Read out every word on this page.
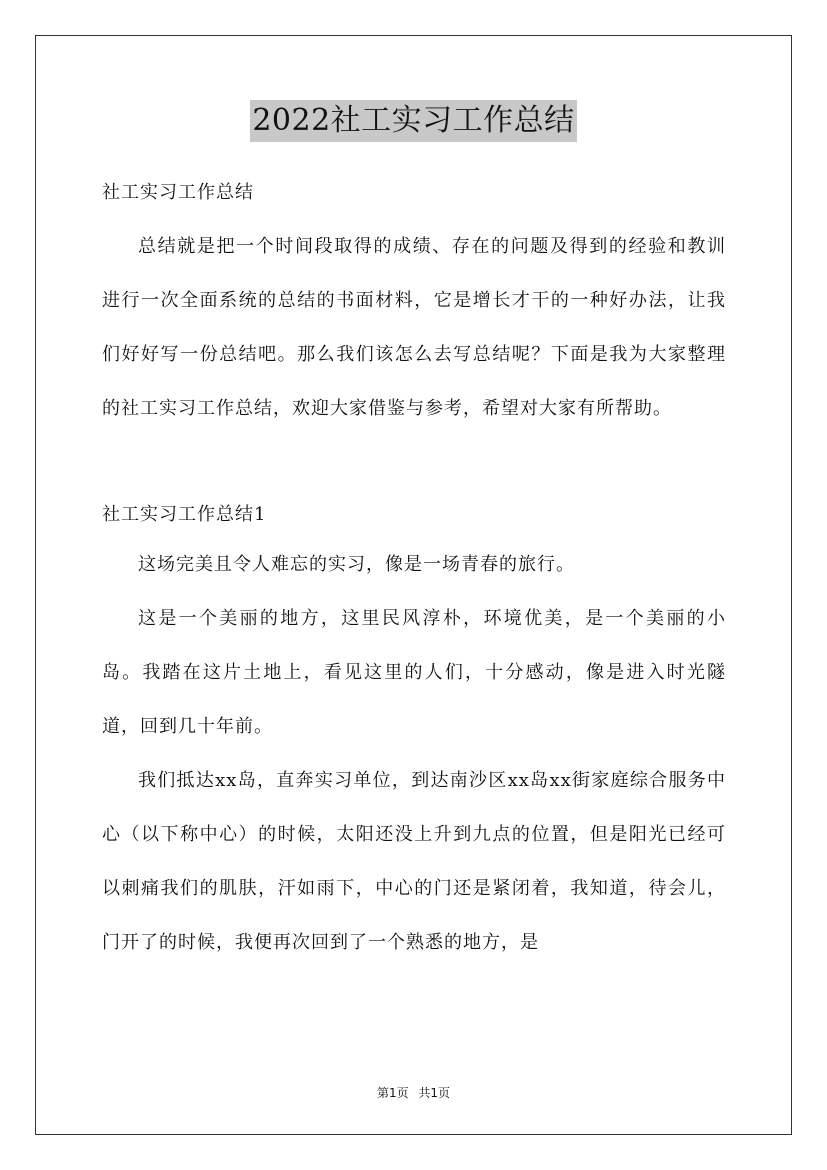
2022社工实习工作总结

社工实习工作总结

总结就是把一个时间段取得的成绩、存在的问题及得到的经验和教训进行一次全面系统的总结的书面材料，它是增长才干的一种好办法，让我们好好写一份总结吧。那么我们该怎么去写总结呢？下面是我为大家整理的社工实习工作总结，欢迎大家借鉴与参考，希望对大家有所帮助。

社工实习工作总结1

这场完美且令人难忘的实习，像是一场青春的旅行。

这是一个美丽的地方，这里民风淳朴，环境优美，是一个美丽的小岛。我踏在这片土地上，看见这里的人们，十分感动，像是进入时光隧道，回到几十年前。

我们抵达xx岛，直奔实习单位，到达南沙区xx岛xx街家庭综合服务中心（以下称中心）的时候，太阳还没上升到九点的位置，但是阳光已经可以刺痛我们的肌肤，汗如雨下，中心的门还是紧闭着，我知道，待会儿，门开了的时候，我便再次回到了一个熟悉的地方，是

第1页 共1页
